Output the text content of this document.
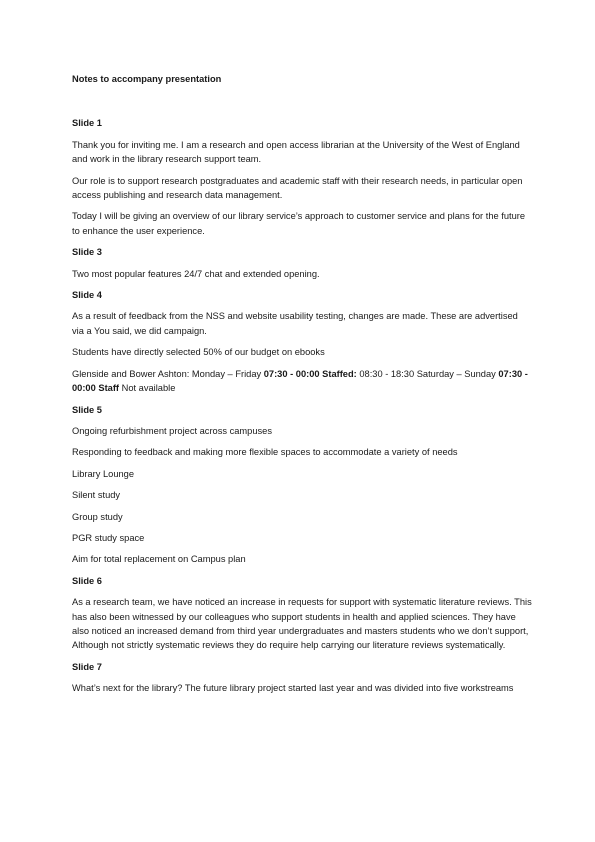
Notes to accompany presentation
Slide 1
Thank you for inviting me. I am a research and open access librarian at the University of the West of England and work in the library research support team.
Our role is to support research postgraduates and academic staff with their research needs, in particular open access publishing and research data management.
Today I will be giving an overview of our library service’s approach to customer service and plans for the future to enhance the user experience.
Slide 3
Two most popular features 24/7 chat and extended opening.
Slide 4
As a result of feedback from the NSS and website usability testing, changes are made. These are advertised via a You said, we did campaign.
Students have directly selected 50% of our budget on ebooks
Glenside and Bower Ashton: Monday – Friday 07:30 - 00:00 Staffed: 08:30 - 18:30 Saturday – Sunday 07:30 - 00:00 Staff Not available
Slide 5
Ongoing refurbishment project across campuses
Responding to feedback and making more flexible spaces to accommodate a variety of needs
Library Lounge
Silent study
Group study
PGR study space
Aim for total replacement on Campus plan
Slide 6
As a research team, we have noticed an increase in requests for support with systematic literature reviews. This has also been witnessed by our colleagues who support students in health and applied sciences. They have also noticed an increased demand from third year undergraduates and masters students who we don’t support, Although not strictly systematic reviews they do require help carrying our literature reviews systematically.
Slide 7
What’s next for the library? The future library project started last year and was divided into five workstreams
